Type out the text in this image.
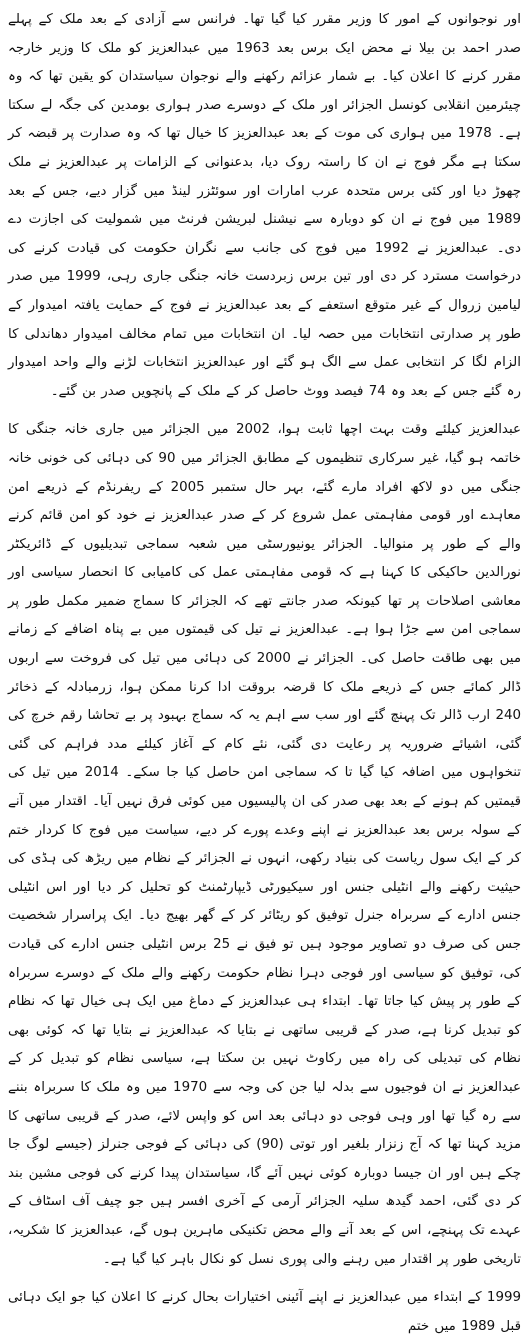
اور نوجوانوں کے امور کا وزیر مقرر کیا گیا تھا۔ فرانس سے آزادی کے بعد ملک کے پہلے صدر احمد بن بیلا نے محض ایک برس بعد 1963 میں عبدالعزیز کو ملک کا وزیر خارجہ مقرر کرنے کا اعلان کیا۔ بے شمار عزائم رکھنے والے نوجوان سیاستدان کو یقین تھا کہ وہ چیئرمین انقلابی کونسل الجزائر اور ملک کے دوسرے صدر ہواری بومدین کی جگہ لے سکتا ہے۔ 1978 میں ہواری کی موت کے بعد عبدالعزیز کا خیال تھا کہ وہ صدارت پر قبضہ کر سکتا ہے مگر فوج نے ان کا راستہ روک دیا، بدعنوانی کے الزامات پر عبدالعزیز نے ملک چھوڑ دیا اور کئی برس متحدہ عرب امارات اور سوئٹزر لینڈ میں گزار دیے، جس کے بعد 1989 میں فوج نے ان کو دوبارہ سے نیشنل لبریشن فرنٹ میں شمولیت کی اجازت دے دی۔ عبدالعزیز نے 1992 میں فوج کی جانب سے نگران حکومت کی قیادت کرنے کی درخواست مسترد کر دی اور تین برس زبردست خانہ جنگی جاری رہی، 1999 میں صدر لیامین زروال کے غیر متوقع استعفے کے بعد عبدالعزیز نے فوج کے حمایت یافتہ امیدوار کے طور پر صدارتی انتخابات میں حصہ لیا۔ ان انتخابات میں تمام مخالف امیدوار دھاندلی کا الزام لگا کر انتخابی عمل سے الگ ہو گئے اور عبدالعزیز انتخابات لڑنے والے واحد امیدوار رہ گئے جس کے بعد وہ 74 فیصد ووٹ حاصل کر کے ملک کے پانچویں صدر بن گئے۔

عبدالعزیز کیلئے وقت بہت اچھا ثابت ہوا، 2002 میں الجزائر میں جاری خانہ جنگی کا خاتمہ ہو گیا، غیر سرکاری تنظیموں کے مطابق الجزائر میں 90 کی دہائی کی خونی خانہ جنگی میں دو لاکھ افراد مارے گئے، بہر حال ستمبر 2005 کے ریفرنڈم کے ذریعے امن معاہدے اور قومی مفاہمتی عمل شروع کر کے صدر عبدالعزیز نے خود کو امن قائم کرنے والے کے طور پر منوالیا۔ الجزائر یونیورسٹی میں شعبہ سماجی تبدیلیوں کے ڈائریکٹر نورالدین حاکیکی کا کہنا ہے کہ قومی مفاہمتی عمل کی کامیابی کا انحصار سیاسی اور معاشی اصلاحات پر تھا کیونکہ صدر جانتے تھے کہ الجزائر کا سماج ضمیر مکمل طور پر سماجی امن سے جڑا ہوا ہے۔ عبدالعزیز نے تیل کی قیمتوں میں بے پناہ اضافے کے زمانے میں بھی طاقت حاصل کی۔ الجزائر نے 2000 کی دہائی میں تیل کی فروخت سے اربوں ڈالر کمائے جس کے ذریعے ملک کا قرضہ بروقت ادا کرنا ممکن ہوا، زرمبادلہ کے ذخائر 240 ارب ڈالر تک پہنچ گئے اور سب سے اہم یہ کہ سماج بہبود پر بے تحاشا رقم خرچ کی گئی، اشیائے ضروریہ پر رعایت دی گئی، نئے کام کے آغاز کیلئے مدد فراہم کی گئی تنخواہوں میں اضافہ کیا گیا تا کہ سماجی امن حاصل کیا جا سکے۔ 2014 میں تیل کی قیمتیں کم ہونے کے بعد بھی صدر کی ان پالیسیوں میں کوئی فرق نہیں آیا۔ اقتدار میں آنے کے سولہ برس بعد عبدالعزیز نے اپنے وعدے پورے کر دیے، سیاست میں فوج کا کردار ختم کر کے ایک سول ریاست کی بنیاد رکھی، انہوں نے الجزائر کے نظام میں ریڑھ کی ہڈی کی حیثیت رکھنے والے انٹیلی جنس اور سیکیورٹی ڈیپارٹمنٹ کو تحلیل کر دیا اور اس انٹیلی جنس ادارے کے سربراہ جنرل توفیق کو ریٹائر کر کے گھر بھیج دیا۔ ایک پراسرار شخصیت جس کی صرف دو تصاویر موجود ہیں تو فیق نے 25 برس انٹیلی جنس ادارے کی قیادت کی، توفیق کو سیاسی اور فوجی دہرا نظام حکومت رکھنے والے ملک کے دوسرے سربراہ کے طور پر پیش کیا جاتا تھا۔ ابتداء ہی عبدالعزیز کے دماغ میں ایک ہی خیال تھا کہ نظام کو تبدیل کرنا ہے، صدر کے قریبی ساتھی نے بتایا کہ عبدالعزیز نے بتایا تھا کہ کوئی بھی نظام کی تبدیلی کی راہ میں رکاوٹ نہیں بن سکتا ہے، سیاسی نظام کو تبدیل کر کے عبدالعزیز نے ان فوجیوں سے بدلہ لیا جن کی وجہ سے 1970 میں وہ ملک کا سربراہ بننے سے رہ گیا تھا اور وہی فوجی دو دہائی بعد اس کو واپس لائے، صدر کے قریبی ساتھی کا مزید کہنا تھا کہ آج زنزار بلغیر اور توتی (90) کی دہائی کے فوجی جنرلز (جیسے لوگ جا چکے ہیں اور ان جیسا دوبارہ کوئی نہیں آئے گا، سیاستدان پیدا کرنے کی فوجی مشین بند کر دی گئی، احمد گیدھ سلیہ الجزائر آرمی کے آخری افسر ہیں جو چیف آف اسٹاف کے عہدے تک پہنچے، اس کے بعد آنے والے محض تکنیکی ماہرین ہوں گے، عبدالعزیز کا شکریہ، تاریخی طور پر اقتدار میں رہنے والی پوری نسل کو نکال باہر کیا گیا ہے۔

1999 کے ابتداء میں عبدالعزیز نے اپنے آئینی اختیارات بحال کرنے کا اعلان کیا جو ایک دہائی قبل 1989 میں ختم
